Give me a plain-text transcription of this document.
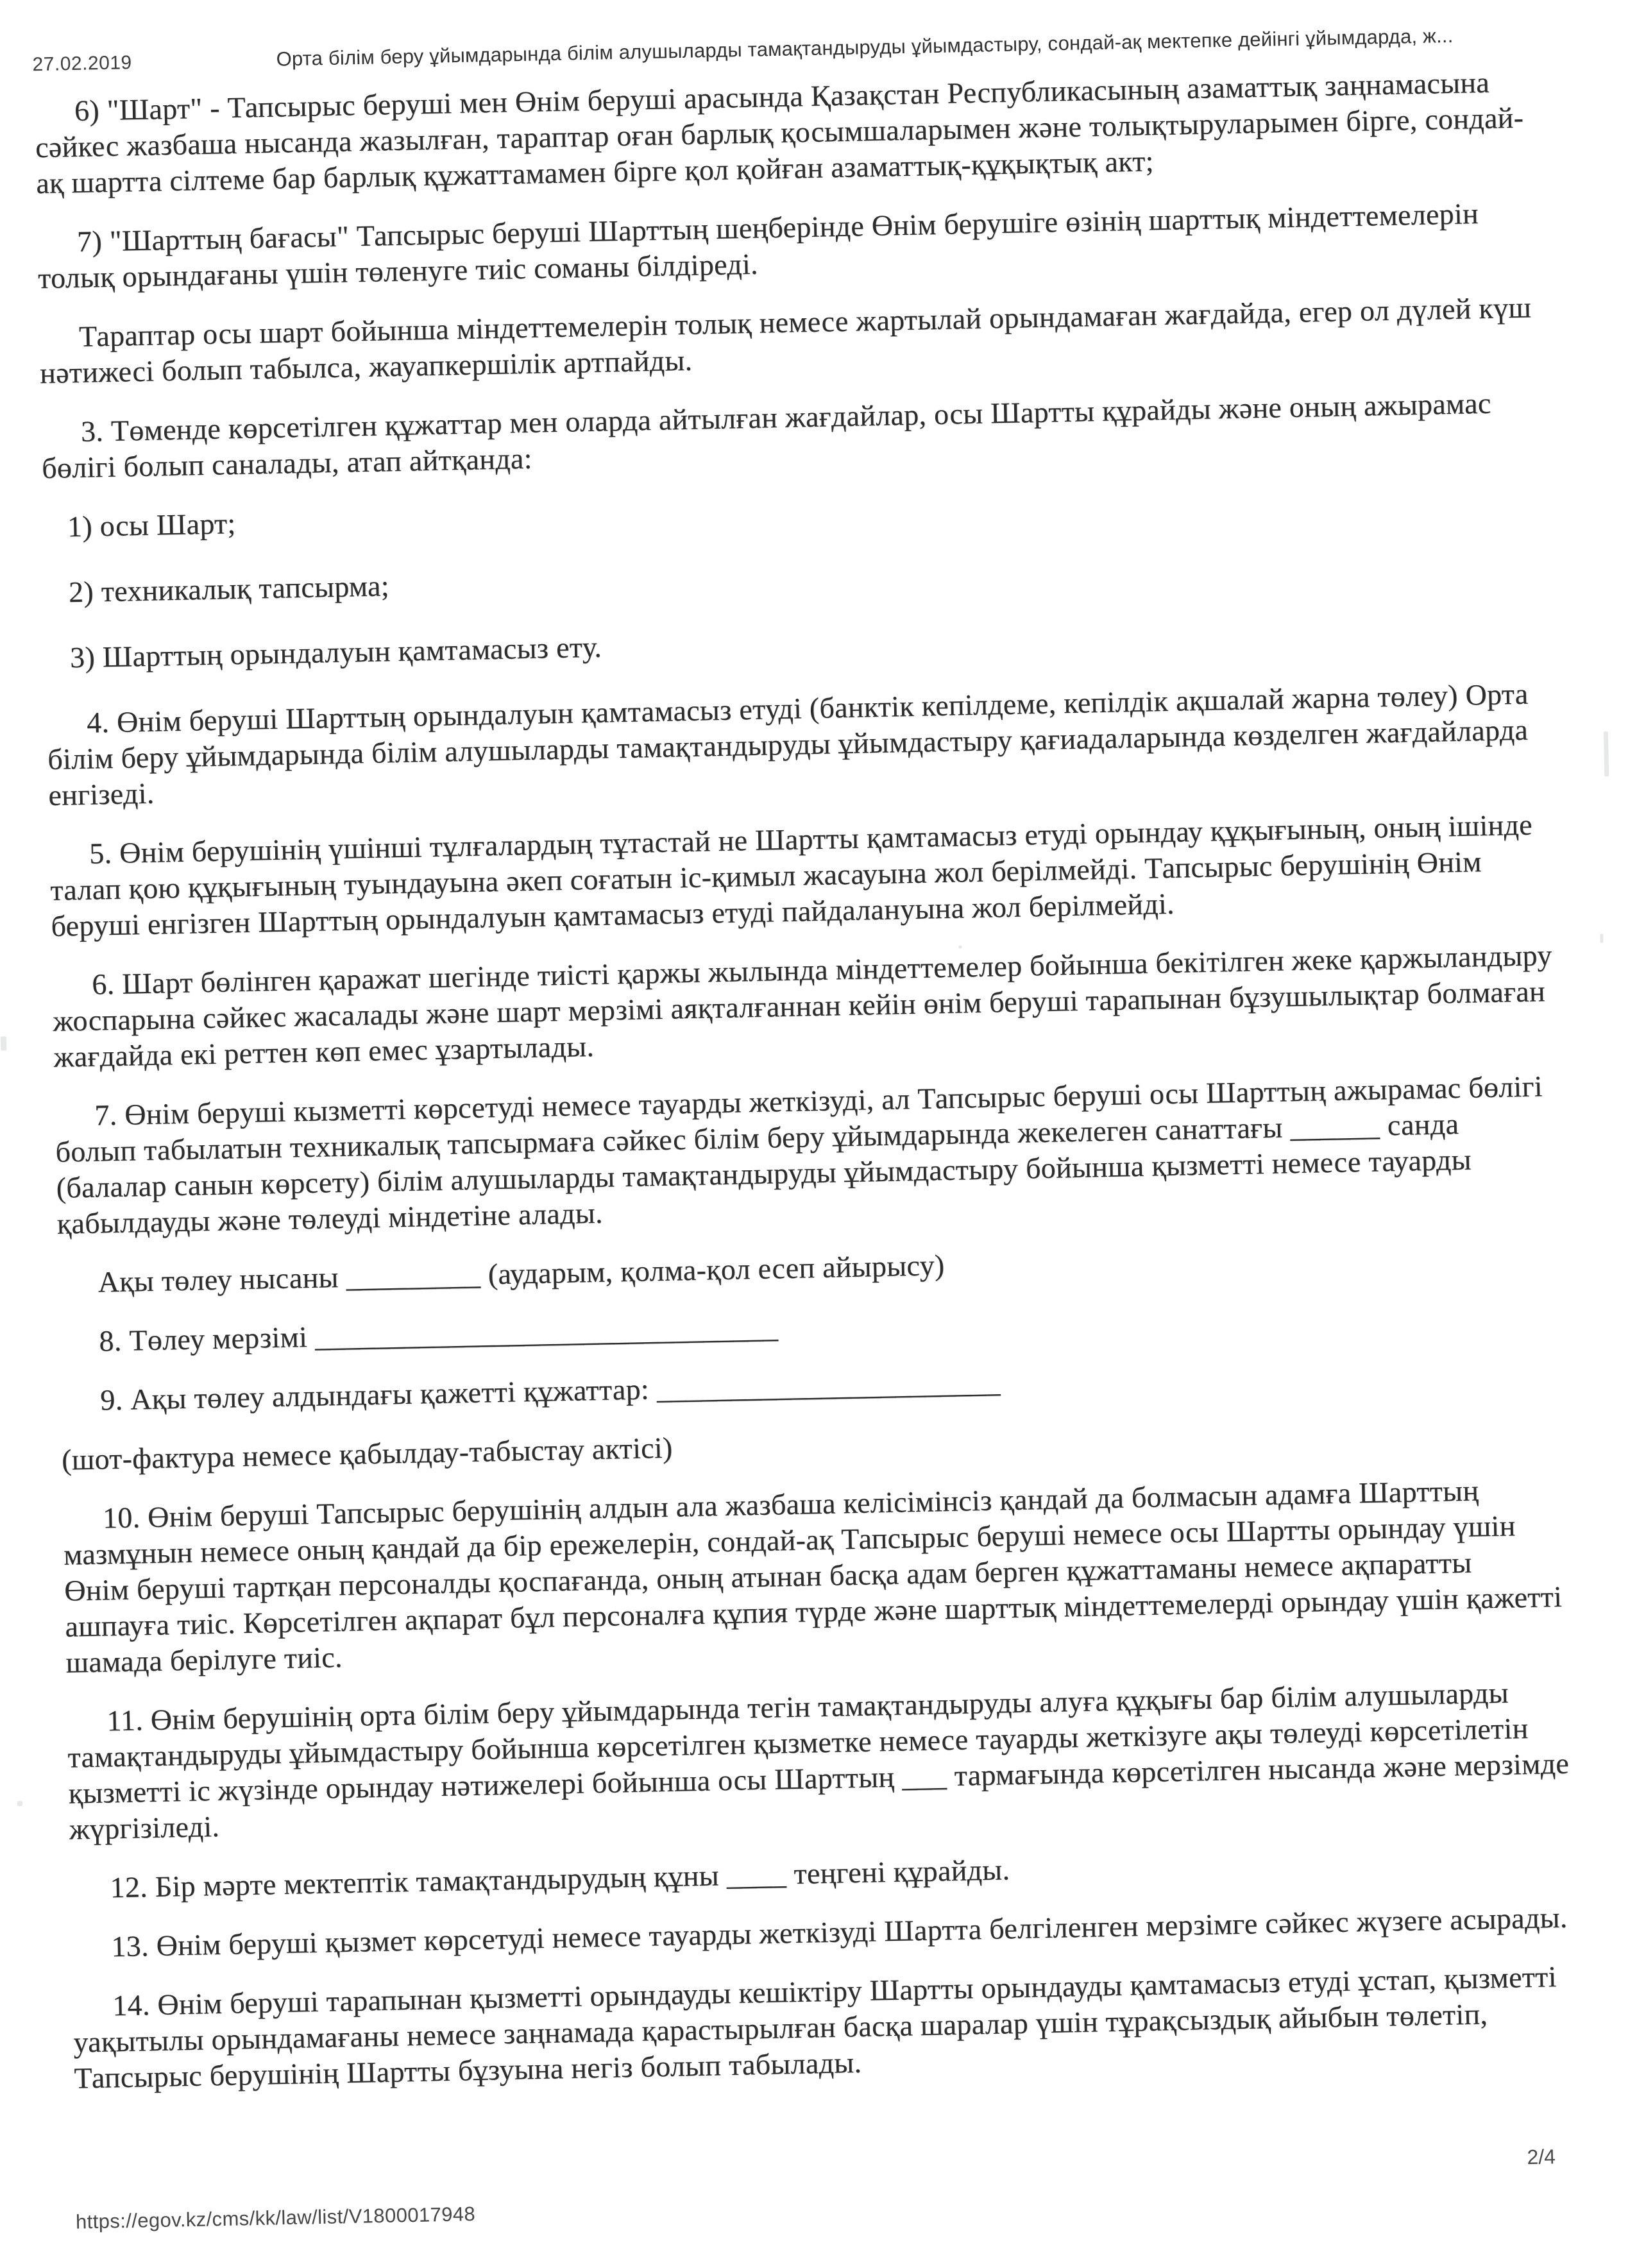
27.02.2019	Орта білім беру ұйымдарында білім алушыларды тамақтандыруды ұйымдастыру, сондай-ақ мектепке дейінгі ұйымдарда, ж...

6) "Шарт" - Тапсырыс беруші мен Өнім беруші арасында Қазақстан Республикасының азаматтық заңнамасына сәйкес жазбаша нысанда жазылған, тараптар оған барлық қосымшаларымен және толықтыруларымен бірге, сондай-ақ шартта сілтеме бар барлық құжаттамамен бірге қол қойған азаматтық-құқықтық акт;

7) "Шарттың бағасы" Тапсырыс беруші Шарттың шеңберінде Өнім берушіге өзінің шарттық міндеттемелерін толық орындағаны үшін төленуге тиіс соманы білдіреді.

Тараптар осы шарт бойынша міндеттемелерін толық немесе жартылай орындамаған жағдайда, егер ол дүлей күш нәтижесі болып табылса, жауапкершілік артпайды.

3. Төменде көрсетілген құжаттар мен оларда айтылған жағдайлар, осы Шартты құрайды және оның ажырамас бөлігі болып саналады, атап айтқанда:

1) осы Шарт;

2) техникалық тапсырма;

3) Шарттың орындалуын қамтамасыз ету.

4. Өнім беруші Шарттың орындалуын қамтамасыз етуді (банктік кепілдеме, кепілдік ақшалай жарна төлеу) Орта білім беру ұйымдарында білім алушыларды тамақтандыруды ұйымдастыру қағиадаларында көзделген жағдайларда енгізеді.

5. Өнім берушінің үшінші тұлғалардың тұтастай не Шартты қамтамасыз етуді орындау құқығының, оның ішінде талап қою құқығының туындауына әкеп соғатын іс-қимыл жасауына жол берілмейді. Тапсырыс берушінің Өнім беруші енгізген Шарттың орындалуын қамтамасыз етуді пайдалануына жол берілмейді.

6. Шарт бөлінген қаражат шегінде тиісті қаржы жылында міндеттемелер бойынша бекітілген жеке қаржыландыру жоспарына сәйкес жасалады және шарт мерзімі аяқталғаннан кейін өнім беруші тарапынан бұзушылықтар болмаған жағдайда екі реттен көп емес ұзартылады.

7. Өнім беруші кызметті көрсетуді немесе тауарды жеткізуді, ал Тапсырыс беруші осы Шарттың ажырамас бөлігі болып табылатын техникалық тапсырмаға сәйкес білім беру ұйымдарында жекелеген санаттағы ______ санда (балалар санын көрсету) білім алушыларды тамақтандыруды ұйымдастыру бойынша қызметті немесе тауарды қабылдауды және төлеуді міндетіне алады.

Ақы төлеу нысаны _________ (аударым, қолма-қол есеп айырысу)

8. Төлеу мерзімі _______________________________

9. Ақы төлеу алдындағы қажетті құжаттар: _______________________

(шот-фактура немесе қабылдау-табыстау актісі)

10. Өнім беруші Тапсырыс берушінің алдын ала жазбаша келісімінсіз қандай да болмасын адамға Шарттың мазмұнын немесе оның қандай да бір ережелерін, сондай-ақ Тапсырыс беруші немесе осы Шартты орындау үшін Өнім беруші тартқан персоналды қоспағанда, оның атынан басқа адам берген құжаттаманы немесе ақпаратты ашпауға тиіс. Көрсетілген ақпарат бұл персоналға құпия түрде және шарттық міндеттемелерді орындау үшін қажетті шамада берілуге тиіс.

11. Өнім берушінің орта білім беру ұйымдарында тегін тамақтандыруды алуға құқығы бар білім алушыларды тамақтандыруды ұйымдастыру бойынша көрсетілген қызметке немесе тауарды жеткізуге ақы төлеуді көрсетілетін қызметті іс жүзінде орындау нәтижелері бойынша осы Шарттың ___ тармағында көрсетілген нысанда және мерзімде жүргізіледі.

12. Бір мәрте мектептік тамақтандырудың құны ____ теңгені құрайды.

13. Өнім беруші қызмет көрсетуді немесе тауарды жеткізуді Шартта белгіленген мерзімге сәйкес жүзеге асырады.

14. Өнім беруші тарапынан қызметті орындауды кешіктіру Шартты орындауды қамтамасыз етуді ұстап, қызметті уақытылы орындамағаны немесе заңнамада қарастырылған басқа шаралар үшін тұрақсыздық айыбын төлетіп, Тапсырыс берушінің Шартты бұзуына негіз болып табылады.

https://egov.kz/cms/kk/law/list/V1800017948
2/4
